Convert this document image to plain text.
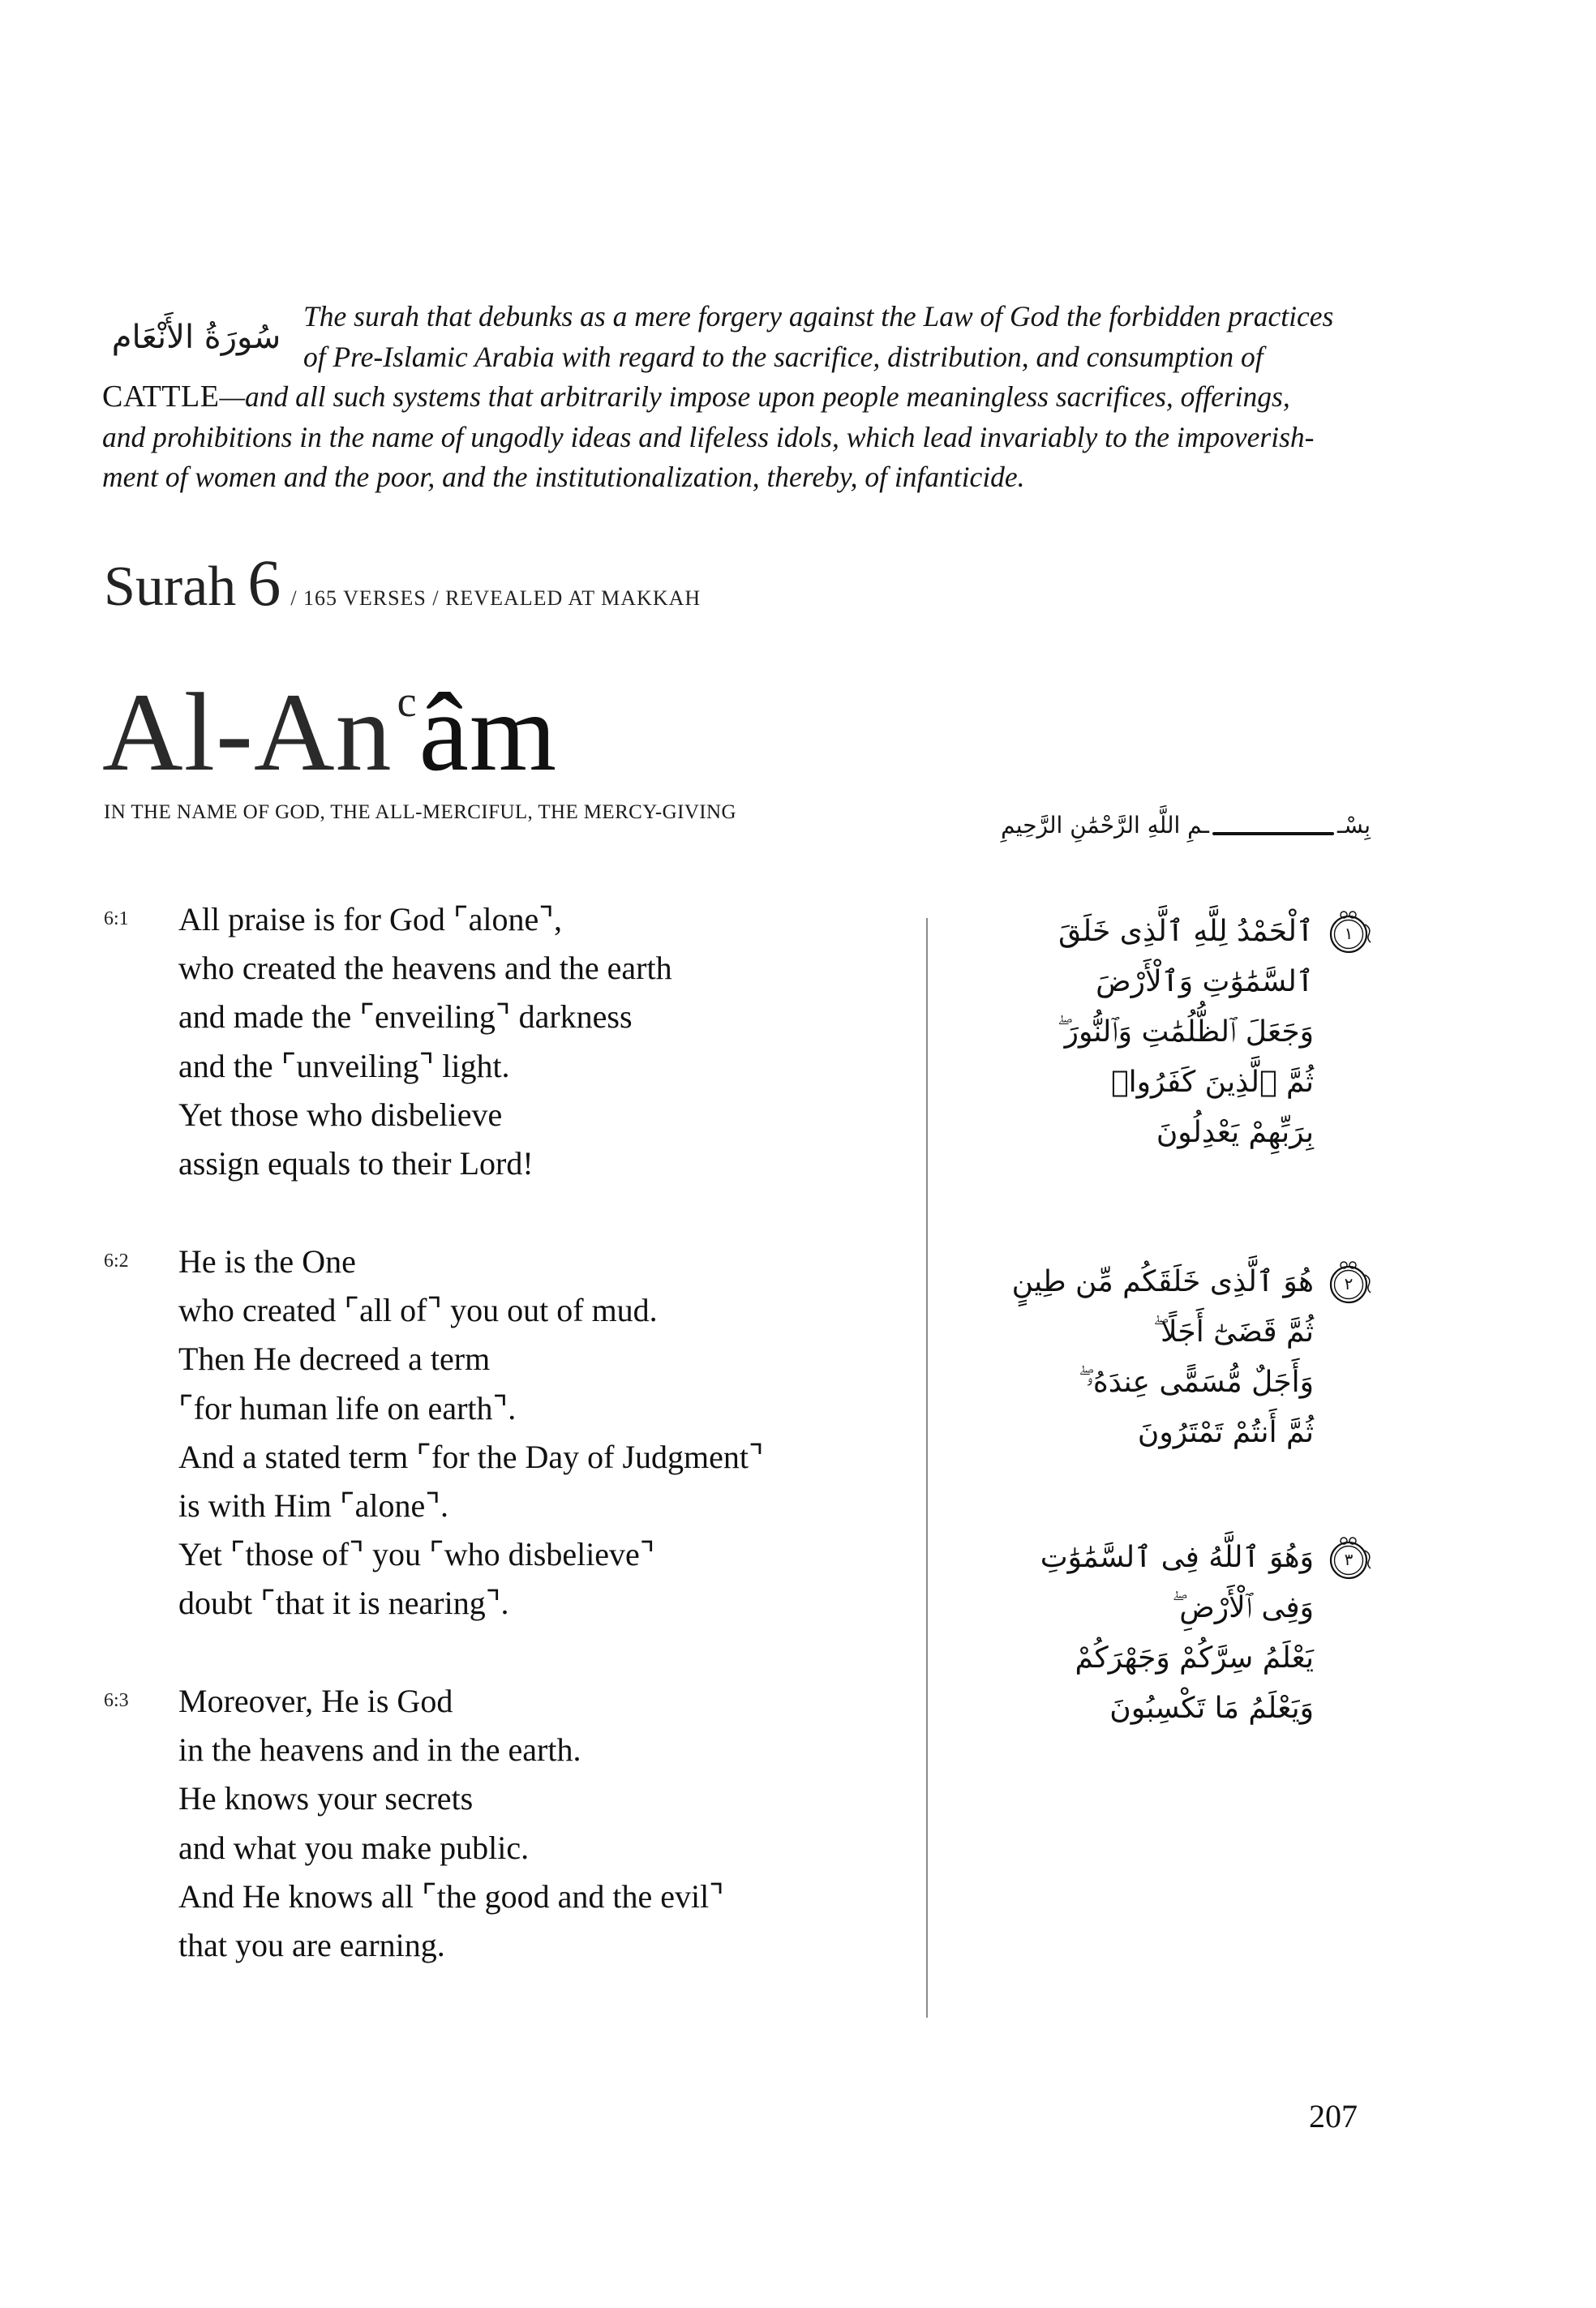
سُورَةُ الأَنْعَام
The surah that debunks as a mere forgery against the Law of God the forbidden practices
of Pre-Islamic Arabia with regard to the sacrifice, distribution, and consumption of
CATTLE—and all such systems that arbitrarily impose upon people meaningless sacrifices, offerings,
and prohibitions in the name of ungodly ideas and lifeless idols, which lead invariably to the impoverish-
ment of women and the poor, and the institutionalization, thereby, of infanticide.
Surah 6 / 165 VERSES / REVEALED AT MAKKAH
Al-An $^c$âm
IN THE NAME OF GOD, THE ALL-MERCIFUL, THE MERCY-GIVING	ـمِ اللَّهِ الرَّحْمَٰنِ الرَّحِيمِ	بِسْـ
6:1 All praise is for God ⌜alone⌝,
who created the heavens and the earth
and made the ⌜enveiling⌝ darkness
and the ⌜unveiling⌝ light.
Yet those who disbelieve
assign equals to their Lord!
6:2 He is the One
who created ⌜all of⌝ you out of mud.
Then He decreed a term
⌜for human life on earth⌝.
And a stated term ⌜for the Day of Judgment⌝
is with Him ⌜alone⌝.
Yet ⌜those of⌝ you ⌜who disbelieve⌝
doubt ⌜that it is nearing⌝.
6:3 Moreover, He is God
in the heavens and in the earth.
He knows your secrets
and what you make public.
And He knows all ⌜the good and the evil⌝
that you are earning.
١
ٱلْحَمْدُ لِلَّهِ ٱلَّذِى خَلَقَ
ٱلسَّمَٰوَٰتِ وَٱلْأَرْضَ
وَجَعَلَ ٱلظُّلُمَٰتِ وَٱلنُّورَ ۖ
ثُمَّ ٱلَّذِينَ كَفَرُوا۟
بِرَبِّهِمْ يَعْدِلُونَ
٢
هُوَ ٱلَّذِى خَلَقَكُم مِّن طِينٍ
ثُمَّ قَضَىٰٓ أَجَلًا ۖ
وَأَجَلٌ مُّسَمًّى عِندَهُۥ ۖ
ثُمَّ أَنتُمْ تَمْتَرُونَ
٣
وَهُوَ ٱللَّهُ فِى ٱلسَّمَٰوَٰتِ
وَفِى ٱلْأَرْضِ ۖ
يَعْلَمُ سِرَّكُمْ وَجَهْرَكُمْ
وَيَعْلَمُ مَا تَكْسِبُونَ
207
